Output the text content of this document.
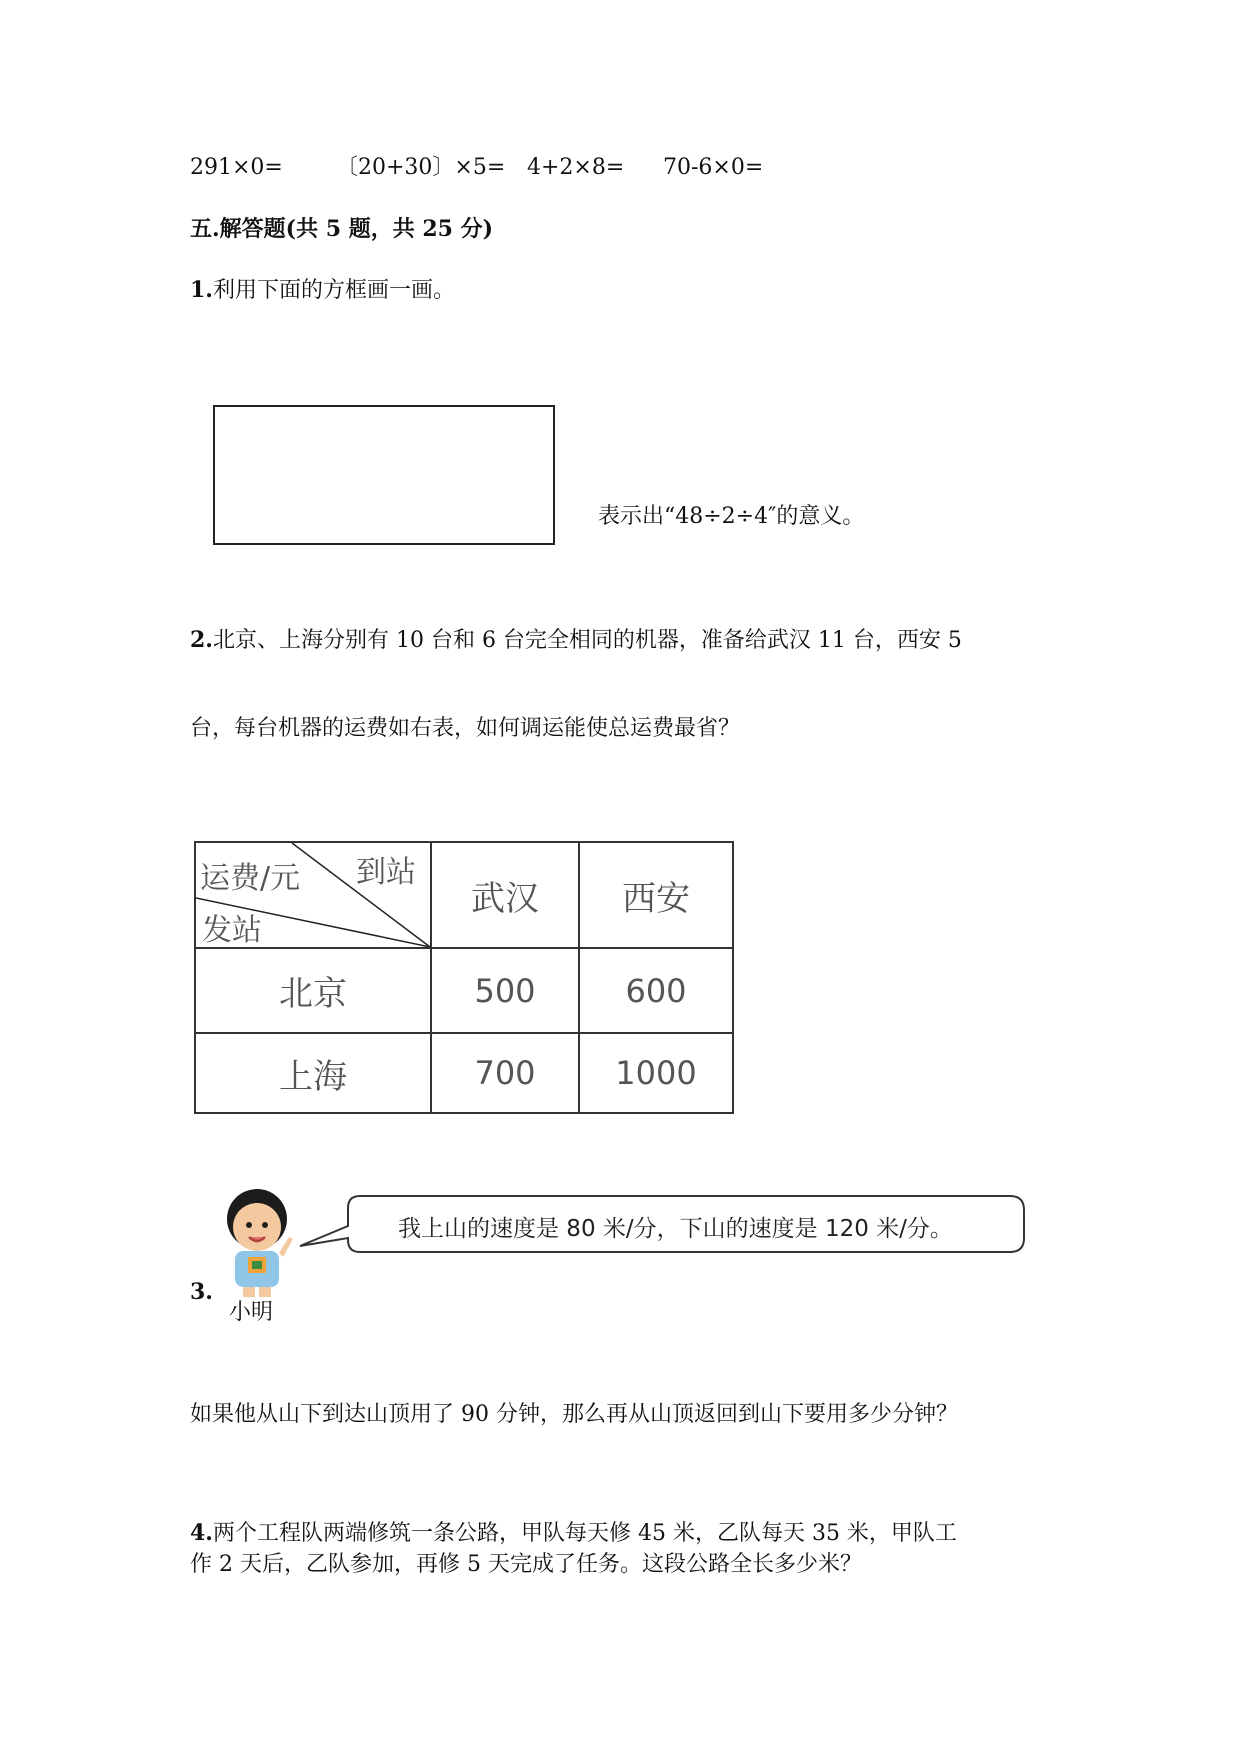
291×0= 〔20+30〕×5= 4+2×8= 70-6×0=
五.解答题(共 5 题，共 25 分)
1.利用下面的方框画一画。
表示出“48÷2÷4″的意义。
2.北京、上海分别有 10 台和 6 台完全相同的机器，准备给武汉 11 台，西安 5
台，每台机器的运费如右表，如何调运能使总运费最省？
运费/元 到站
发站	武汉	西安
北京	500	600
上海	700	1000
我上山的速度是 80 米/分，下山的速度是 120 米/分。
3.
小明
如果他从山下到达山顶用了 90 分钟，那么再从山顶返回到山下要用多少分钟？
4.两个工程队两端修筑一条公路，甲队每天修 45 米，乙队每天 35 米，甲队工
作 2 天后，乙队参加，再修 5 天完成了任务。这段公路全长多少米？
